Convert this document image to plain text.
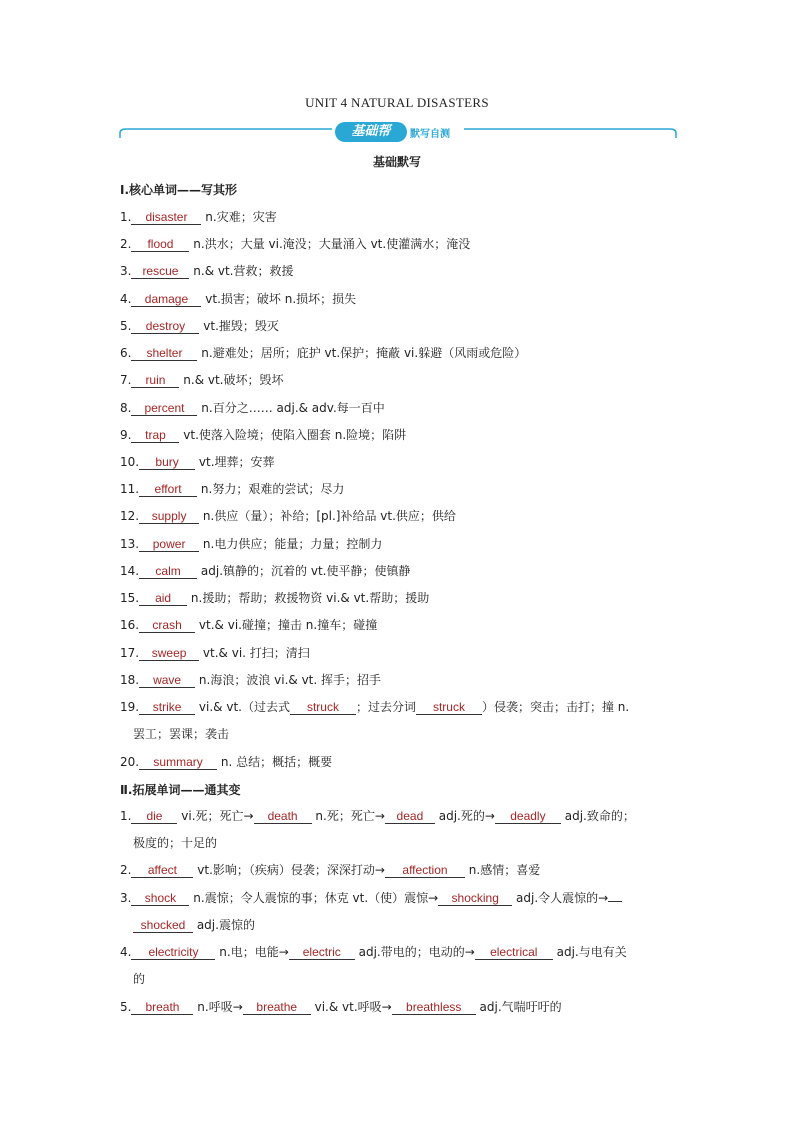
UNIT 4 NATURAL DISASTERS
基础帮	默写自测
基础默写
Ⅰ.核心单词——写其形
1. disaster n.灾难；灾害
2. flood n.洪水；大量 vi.淹没；大量涌入 vt.使灌满水；淹没
3. rescue n.& vt.营救；救援
4. damage vt.损害；破坏 n.损坏；损失
5. destroy vt.摧毁；毁灭
6. shelter n.避难处；居所；庇护 vt.保护；掩蔽 vi.躲避（风雨或危险）
7. ruin n.& vt.破坏；毁坏
8. percent n.百分之…… adj.& adv.每一百中
9. trap vt.使落入险境；使陷入圈套 n.险境；陷阱
10. bury vt.埋葬；安葬
11. effort n.努力；艰难的尝试；尽力
12. supply n.供应（量）；补给；[pl.]补给品 vt.供应；供给
13. power n.电力供应；能量；力量；控制力
14. calm adj.镇静的；沉着的 vt.使平静；使镇静
15. aid n.援助；帮助；救援物资 vi.& vt.帮助；援助
16. crash vt.& vi.碰撞；撞击 n.撞车；碰撞
17. sweep vt.& vi. 打扫；清扫
18. wave n.海浪；波浪 vi.& vt. 挥手；招手
19. strike vi.& vt.（过去式 struck ；过去分词 struck ）侵袭；突击；击打；撞 n.
罢工；罢课；袭击
20. summary n. 总结；概括；概要
Ⅱ.拓展单词——通其变
1. die vi.死；死亡→ death n.死；死亡→ dead adj.死的→ deadly adj.致命的；
极度的；十足的
2. affect vt.影响；（疾病）侵袭；深深打动→ affection n.感情；喜爱
3. shock n.震惊；令人震惊的事；休克 vt.（使）震惊→ shocking adj.令人震惊的→
shocked adj.震惊的
4. electricity n.电；电能→ electric adj.带电的；电动的→ electrical adj.与电有关
的
5. breath n.呼吸→ breathe vi.& vt.呼吸→ breathless adj.气喘吁吁的
